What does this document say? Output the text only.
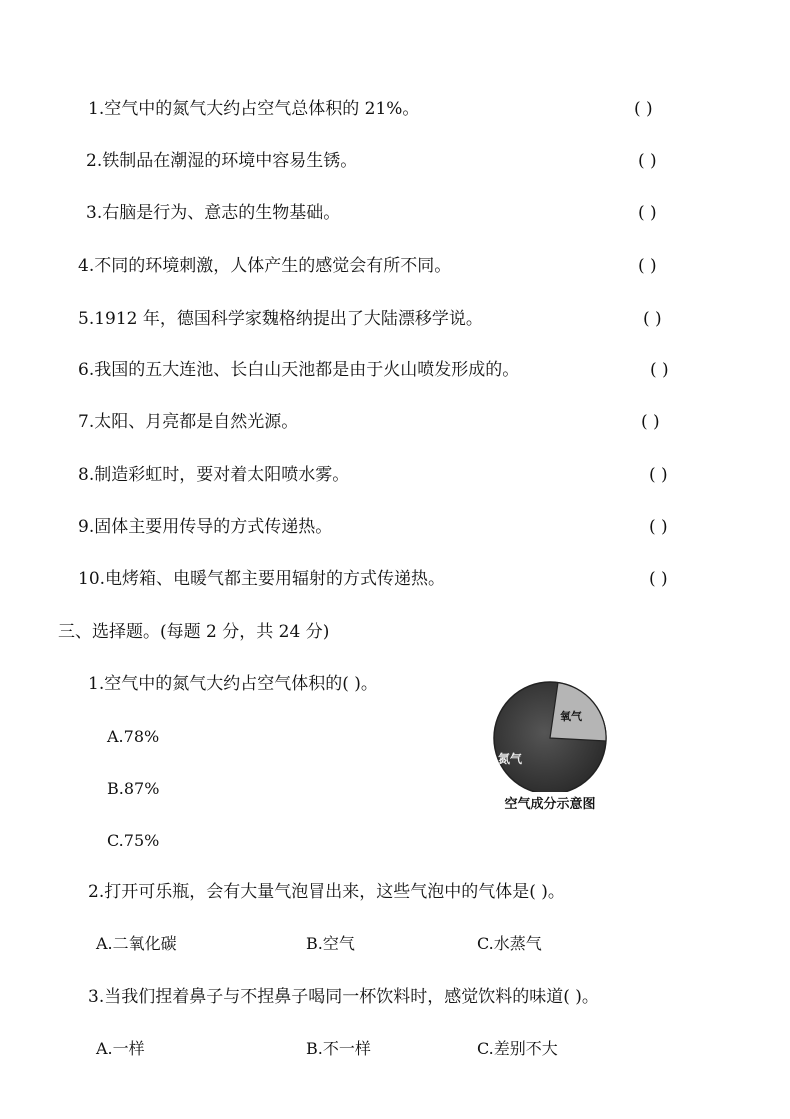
1.空气中的氮气大约占空气总体积的 21%。	( )
2.铁制品在潮湿的环境中容易生锈。	( )
3.右脑是行为、意志的生物基础。	( )
4.不同的环境刺激，人体产生的感觉会有所不同。	( )
5.1912 年，德国科学家魏格纳提出了大陆漂移学说。	( )
6.我国的五大连池、长白山天池都是由于火山喷发形成的。	( )
7.太阳、月亮都是自然光源。	( )
8.制造彩虹时，要对着太阳喷水雾。	( )
9.固体主要用传导的方式传递热。	( )
10.电烤箱、电暖气都主要用辐射的方式传递热。	( )
三、选择题。(每题 2 分，共 24 分)
1.空气中的氮气大约占空气体积的( )。
A.78%
B.87%
C.75%
氧气
氮气
空气成分示意图
2.打开可乐瓶，会有大量气泡冒出来，这些气泡中的气体是( )。
A.二氧化碳	B.空气	C.水蒸气
3.当我们捏着鼻子与不捏鼻子喝同一杯饮料时，感觉饮料的味道( )。
A.一样	B.不一样	C.差别不大
